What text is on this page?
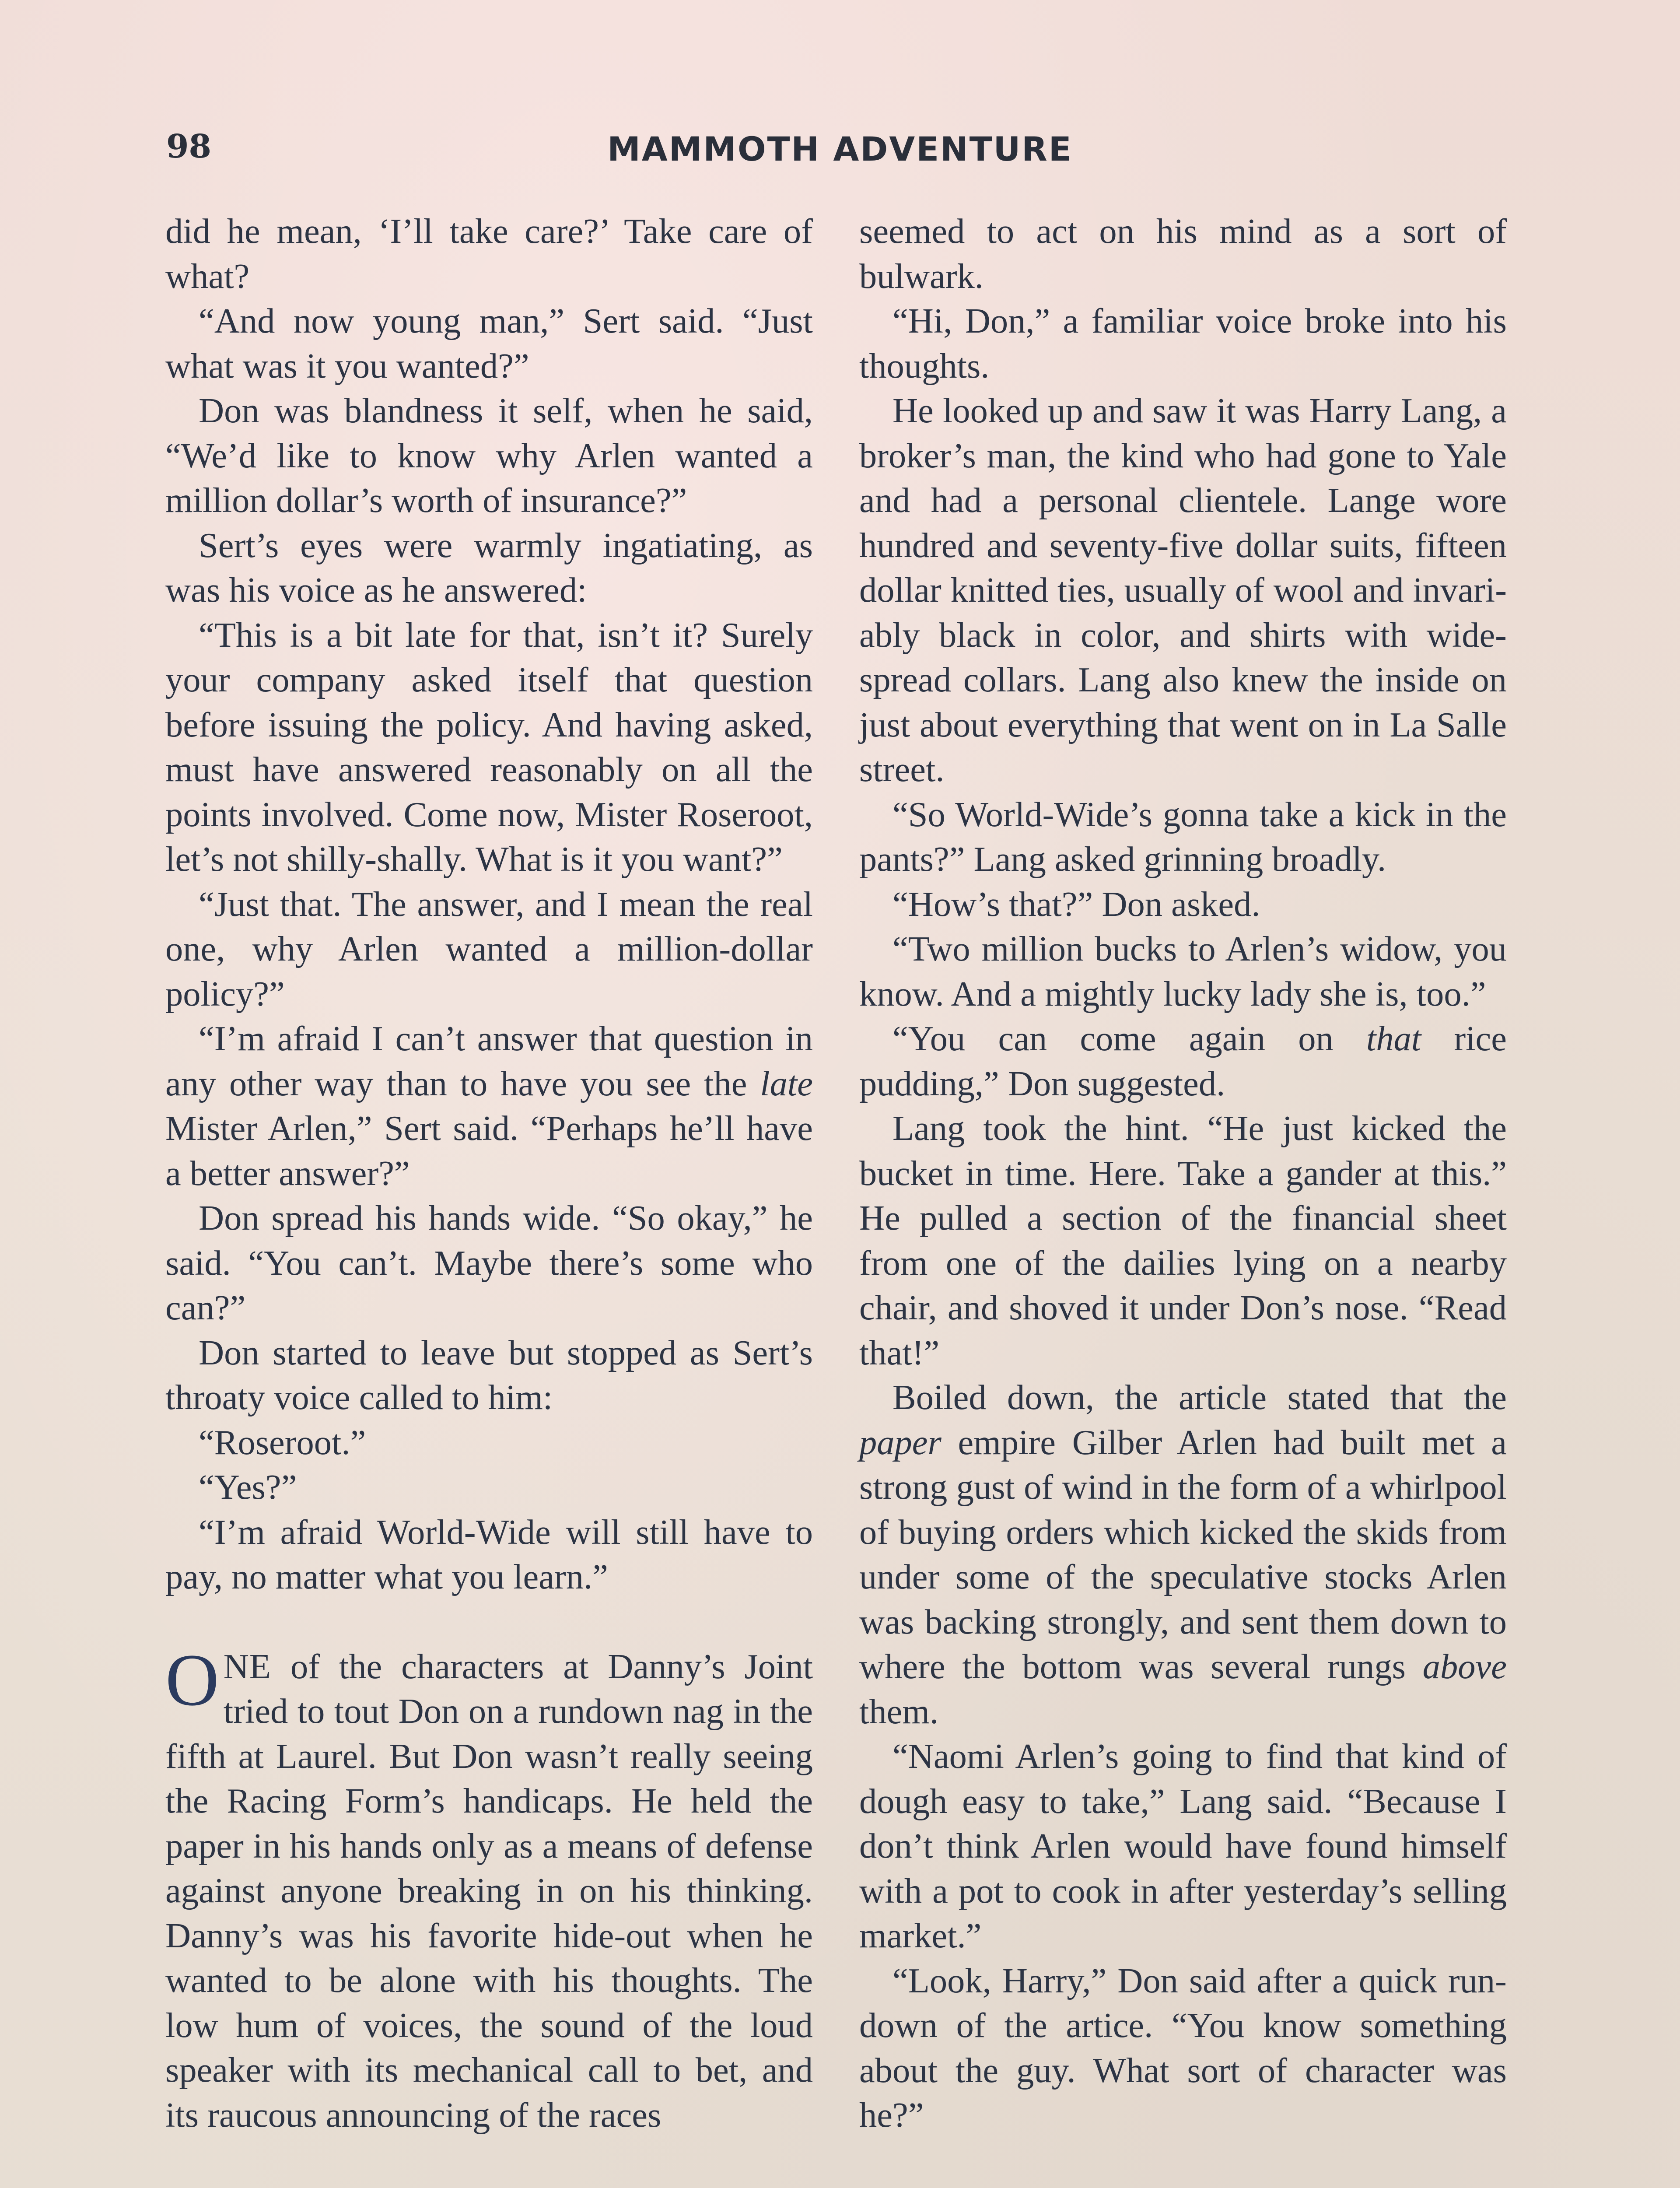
98	MAMMOTH ADVENTURE

did he mean, ‘I’ll take care?’ Take care of what?

“And now young man,” Sert said. “Just what was it you wanted?”

Don was blandness it self, when he said, “We’d like to know why Arlen wanted a million dollar’s worth of insurance?”

Sert’s eyes were warmly ingatiating, as was his voice as he answered:

“This is a bit late for that, isn’t it? Surely your company asked itself that question before issuing the policy. And having asked, must have answered reasonably on all the points involved. Come now, Mister Roseroot, let’s not shilly-shally. What is it you want?”

“Just that. The answer, and I mean the real one, why Arlen wanted a million-dollar policy?”

“I’m afraid I can’t answer that question in any other way than to have you see the late Mister Arlen,” Sert said. “Perhaps he’ll have a better answer?”

Don spread his hands wide. “So okay,” he said. “You can’t. Maybe there’s some who can?”

Don started to leave but stopped as Sert’s throaty voice called to him:

“Roseroot.”

“Yes?”

“I’m afraid World-Wide will still have to pay, no matter what you learn.”

ONE of the characters at Danny’s Joint tried to tout Don on a rundown nag in the fifth at Laurel. But Don wasn’t really seeing the Racing Form’s handicaps. He held the paper in his hands only as a means of defense against anyone breaking in on his thinking. Danny’s was his favorite hide-out when he wanted to be alone with his thoughts. The low hum of voices, the sound of the loud speaker with its mechanical call to bet, and its raucous announcing of the races

seemed to act on his mind as a sort of bulwark.

“Hi, Don,” a familiar voice broke into his thoughts.

He looked up and saw it was Harry Lang, a broker’s man, the kind who had gone to Yale and had a personal clientele. Lange wore hundred and seventy-five dollar suits, fifteen dollar knitted ties, usually of wool and invariably black in color, and shirts with wide-spread collars. Lang also knew the inside on just about everything that went on in La Salle street.

“So World-Wide’s gonna take a kick in the pants?” Lang asked grinning broadly.

“How’s that?” Don asked.

“Two million bucks to Arlen’s widow, you know. And a mightly lucky lady she is, too.”

“You can come again on that rice pudding,” Don suggested.

Lang took the hint. “He just kicked the bucket in time. Here. Take a gander at this.” He pulled a section of the financial sheet from one of the dailies lying on a nearby chair, and shoved it under Don’s nose. “Read that!”

Boiled down, the article stated that the paper empire Gilber Arlen had built met a strong gust of wind in the form of a whirlpool of buying orders which kicked the skids from under some of the speculative stocks Arlen was backing strongly, and sent them down to where the bottom was several rungs above them.

“Naomi Arlen’s going to find that kind of dough easy to take,” Lang said. “Because I don’t think Arlen would have found himself with a pot to cook in after yesterday’s selling market.”

“Look, Harry,” Don said after a quick run-down of the artice. “You know something about the guy. What sort of character was he?”
